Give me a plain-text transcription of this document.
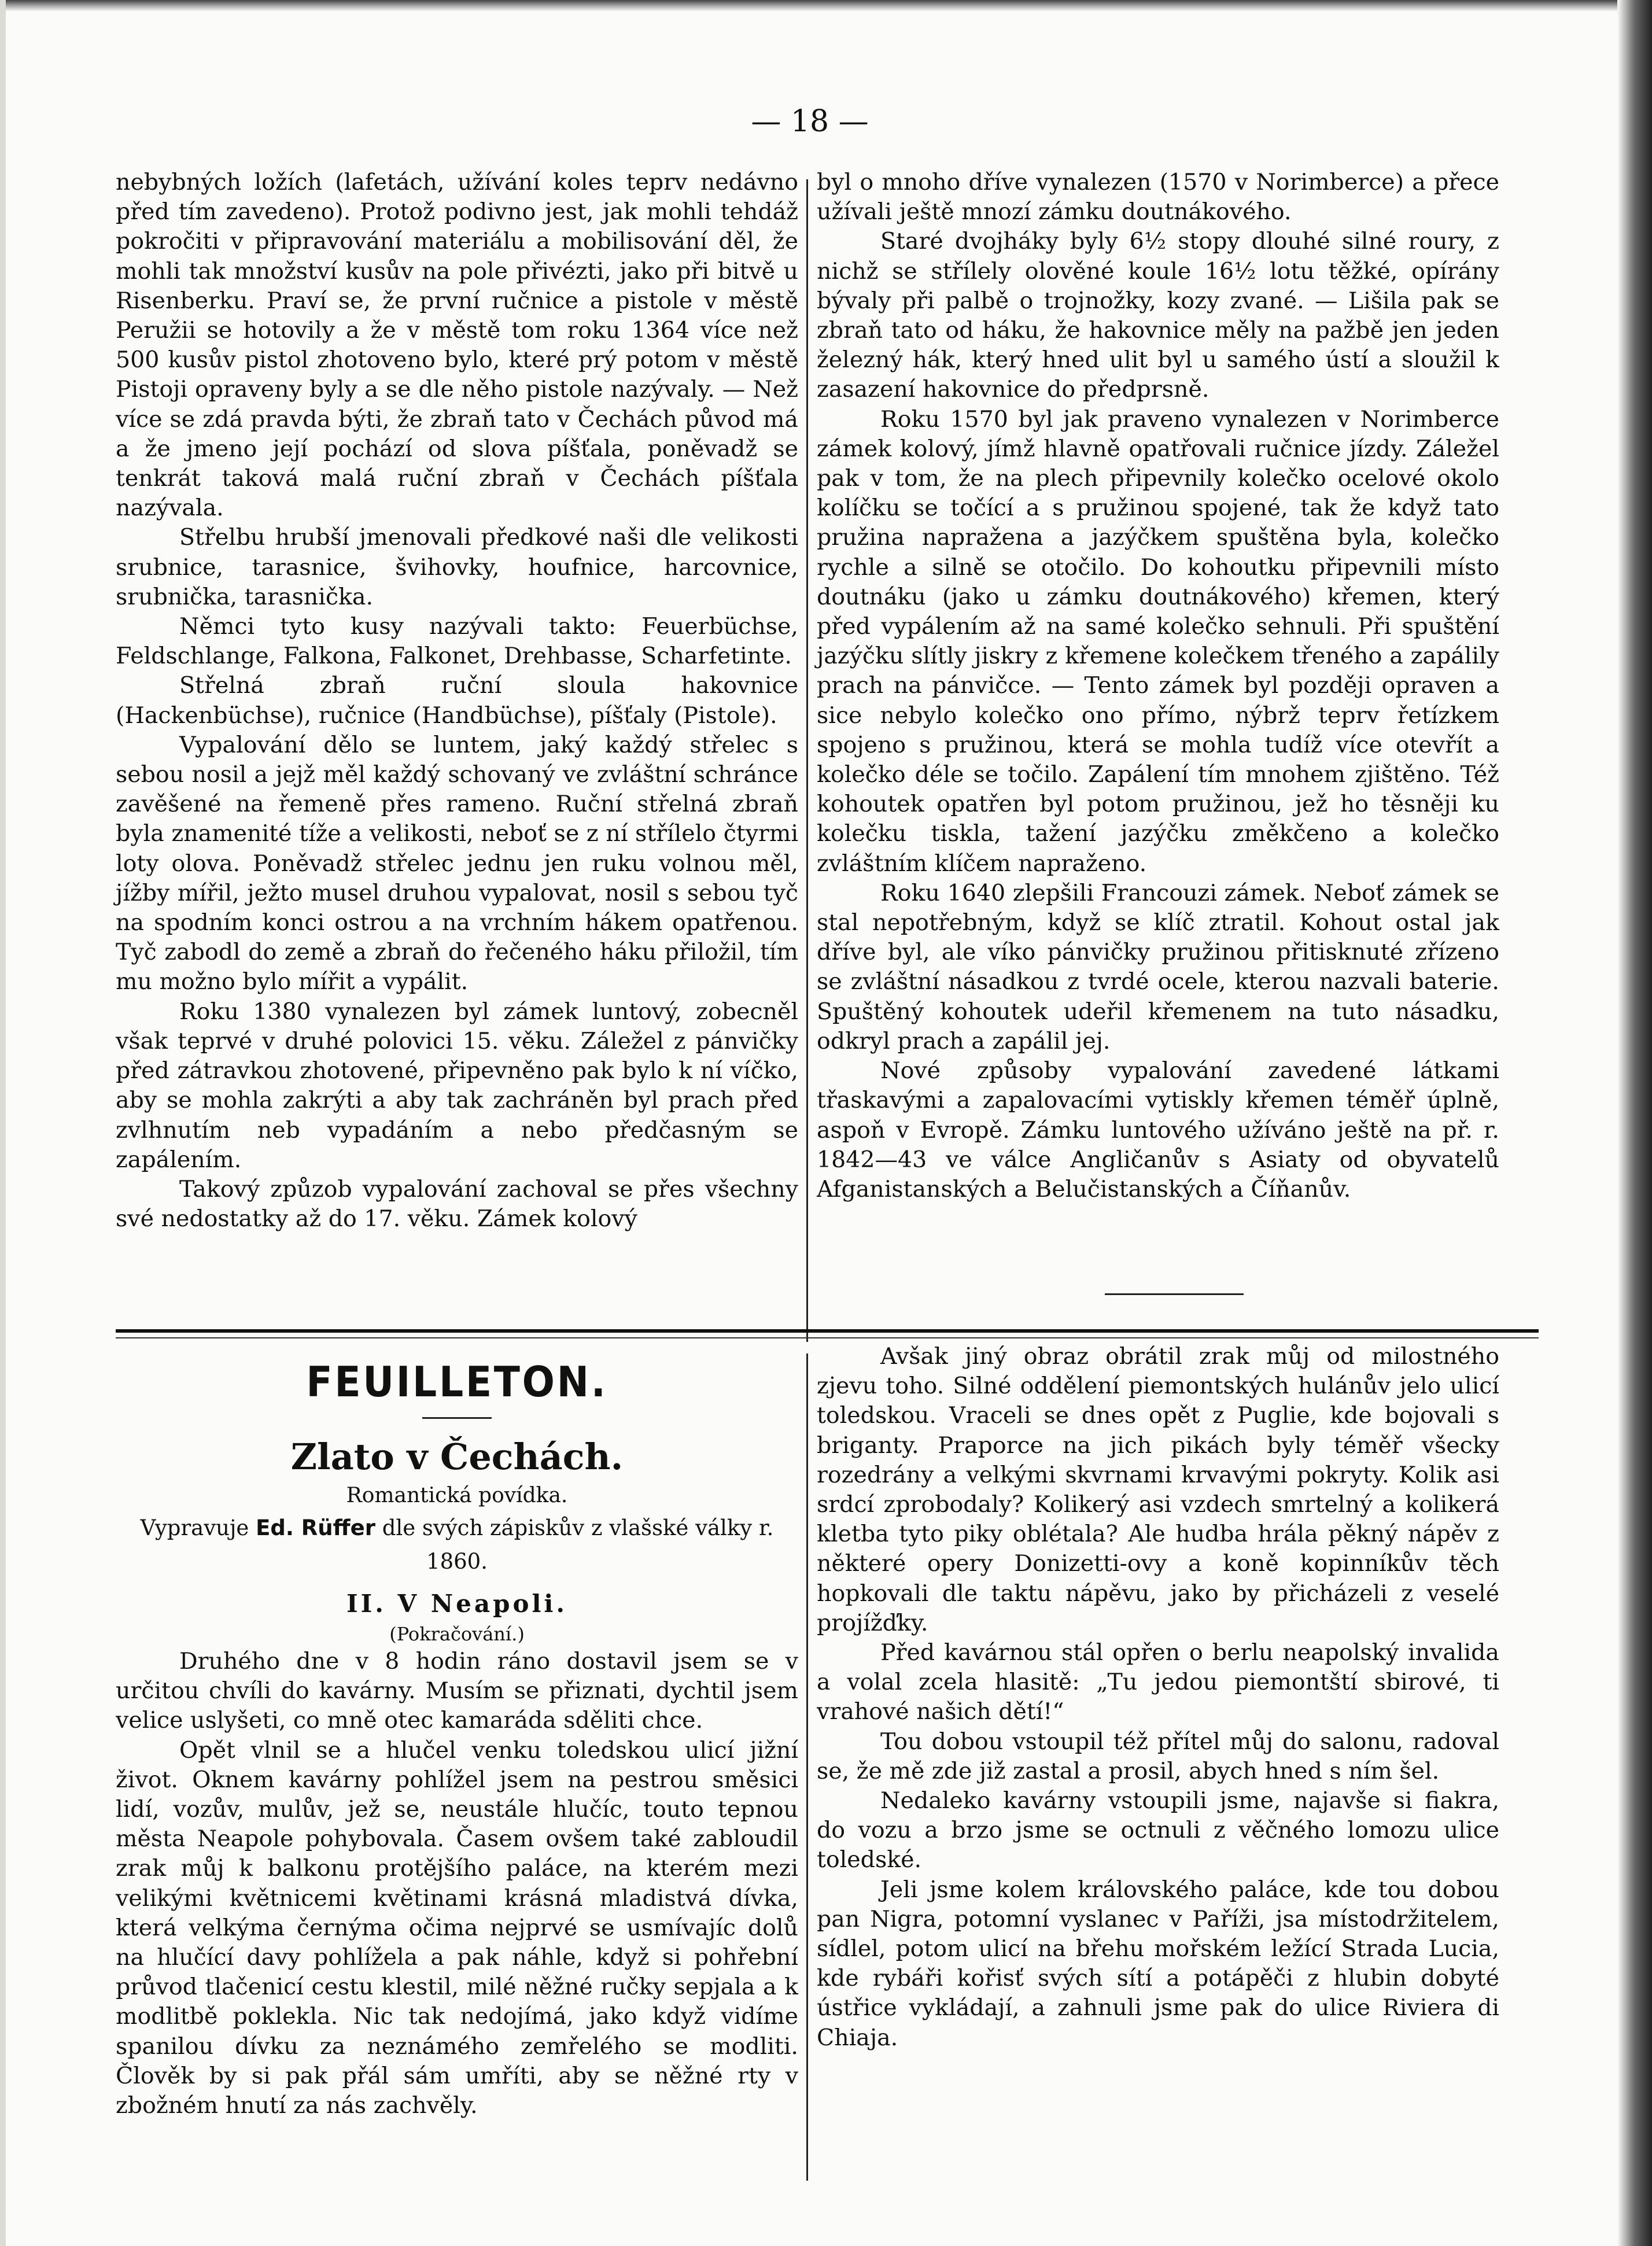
— 18 —

nebybných ložích (lafetách, užívání koles teprv nedávno před tím zavedeno). Protož podivno jest, jak mohli tehdáž pokročiti v připravování materiálu a mobilisování děl, že mohli tak množství kusův na pole přivézti, jako při bitvě u Risenberku. Praví se, že první ručnice a pistole v městě Peružii se hotovily a že v městě tom roku 1364 více než 500 kusův pistol zhotoveno bylo, které prý potom v městě Pistoji opraveny byly a se dle něho pistole nazývaly. — Než více se zdá pravda býti, že zbraň tato v Čechách původ má a že jmeno její pochází od slova píšťala, poněvadž se tenkrát taková malá ruční zbraň v Čechách píšťala nazývala.

Střelbu hrubší jmenovali předkové naši dle velikosti srubnice, tarasnice, švihovky, houfnice, harcovnice, srubnička, tarasnička.

Němci tyto kusy nazývali takto: Feuerbüchse, Feldschlange, Falkona, Falkonet, Drehbasse, Scharfetinte.

Střelná zbraň ruční sloula hakovnice (Hackenbüchse), ručnice (Handbüchse), píšťaly (Pistole).

Vypalování dělo se luntem, jaký každý střelec s sebou nosil a jejž měl každý schovaný ve zvláštní schránce zavěšené na řemeně přes rameno. Ruční střelná zbraň byla znamenité tíže a velikosti, neboť se z ní střílelo čtyrmi loty olova. Poněvadž střelec jednu jen ruku volnou měl, jížby mířil, ježto musel druhou vypalovat, nosil s sebou tyč na spodním konci ostrou a na vrchním hákem opatřenou. Tyč zabodl do země a zbraň do řečeného háku přiložil, tím mu možno bylo mířit a vypálit.

Roku 1380 vynalezen byl zámek luntový, zobecněl však teprvé v druhé polovici 15. věku. Záležel z pánvičky před zátravkou zhotovené, připevněno pak bylo k ní víčko, aby se mohla zakrýti a aby tak zachráněn byl prach před zvlhnutím neb vypadáním a nebo předčasným se zapálením.

Takový způzob vypalování zachoval se přes všechny své nedostatky až do 17. věku. Zámek kolový

byl o mnoho dříve vynalezen (1570 v Norimberce) a přece užívali ještě mnozí zámku doutnákového.

Staré dvojháky byly 6½ stopy dlouhé silné roury, z nichž se střílely olověné koule 16½ lotu těžké, opírány bývaly při palbě o trojnožky, kozy zvané. — Lišila pak se zbraň tato od háku, že hakovnice měly na pažbě jen jeden železný hák, který hned ulit byl u samého ústí a sloužil k zasazení hakovnice do předprsně.

Roku 1570 byl jak praveno vynalezen v Norimberce zámek kolový, jímž hlavně opatřovali ručnice jízdy. Záležel pak v tom, že na plech připevnily kolečko ocelové okolo kolíčku se točící a s pružinou spojené, tak že když tato pružina napražena a jazýčkem spuštěna byla, kolečko rychle a silně se otočilo. Do kohoutku připevnili místo doutnáku (jako u zámku doutnákového) křemen, který před vypálením až na samé kolečko sehnuli. Při spuštění jazýčku slítly jiskry z křemene kolečkem třeného a zapálily prach na pánvičce. — Tento zámek byl později opraven a sice nebylo kolečko ono přímo, nýbrž teprv řetízkem spojeno s pružinou, která se mohla tudíž více otevřít a kolečko déle se točilo. Zapálení tím mnohem zjištěno. Též kohoutek opatřen byl potom pružinou, jež ho těsněji ku kolečku tiskla, tažení jazýčku změkčeno a kolečko zvláštním klíčem napraženo.

Roku 1640 zlepšili Francouzi zámek. Neboť zámek se stal nepotřebným, když se klíč ztratil. Kohout ostal jak dříve byl, ale víko pánvičky pružinou přitisknuté zřízeno se zvláštní násadkou z tvrdé ocele, kterou nazvali baterie. Spuštěný kohoutek udeřil křemenem na tuto násadku, odkryl prach a zapálil jej.

Nové způsoby vypalování zavedené látkami třaskavými a zapalovacími vytiskly křemen téměř úplně, aspoň v Evropě. Zámku luntového užíváno ještě na př. r. 1842—43 ve válce Angličanův s Asiaty od obyvatelů Afganistanských a Belučistanských a Číňanův.

FEUILLETON.
Zlato v Čechách.
Romantická povídka.
Vypravuje Ed. Rüffer dle svých zápiskův z vlašské války r. 1860.
II. V Neapoli.
(Pokračování.)

Druhého dne v 8 hodin ráno dostavil jsem se v určitou chvíli do kavárny. Musím se přiznati, dychtil jsem velice uslyšeti, co mně otec kamaráda sděliti chce.

Opět vlnil se a hlučel venku toledskou ulicí jižní život. Oknem kavárny pohlížel jsem na pestrou směsici lidí, vozův, mulův, jež se, neustále hlučíc, touto tepnou města Neapole pohybovala. Časem ovšem také zabloudil zrak můj k balkonu protějšího paláce, na kterém mezi velikými květnicemi květinami krásná mladistvá dívka, která velkýma černýma očima nejprvé se usmívajíc dolů na hlučící davy pohlížela a pak náhle, když si pohřební průvod tlačenicí cestu klestil, milé něžné ručky sepjala a k modlitbě poklekla. Nic tak nedojímá, jako když vidíme spanilou dívku za neznámého zemřelého se modliti. Člověk by si pak přál sám umříti, aby se něžné rty v zbožném hnutí za nás zachvěly.

Avšak jiný obraz obrátil zrak můj od milostného zjevu toho. Silné oddělení piemontských hulánův jelo ulicí toledskou. Vraceli se dnes opět z Puglie, kde bojovali s briganty. Praporce na jich pikách byly téměř všecky rozedrány a velkými skvrnami krvavými pokryty. Kolik asi srdcí zprobodaly? Kolikerý asi vzdech smrtelný a kolikerá kletba tyto piky oblétala? Ale hudba hrála pěkný nápěv z některé opery Donizetti-ovy a koně kopinníkův těch hopkovali dle taktu nápěvu, jako by přicházeli z veselé projížďky.

Před kavárnou stál opřen o berlu neapolský invalida a volal zcela hlasitě: „Tu jedou piemontští sbirové, ti vrahové našich dětí!“

Tou dobou vstoupil též přítel můj do salonu, radoval se, že mě zde již zastal a prosil, abych hned s ním šel.

Nedaleko kavárny vstoupili jsme, najavše si fiakra, do vozu a brzo jsme se octnuli z věčného lomozu ulice toledské.

Jeli jsme kolem královského paláce, kde tou dobou pan Nigra, potomní vyslanec v Paříži, jsa místodržitelem, sídlel, potom ulicí na břehu mořském ležící Strada Lucia, kde rybáři kořisť svých sítí a potápěči z hlubin dobyté ústřice vykládají, a zahnuli jsme pak do ulice Riviera di Chiaja.
